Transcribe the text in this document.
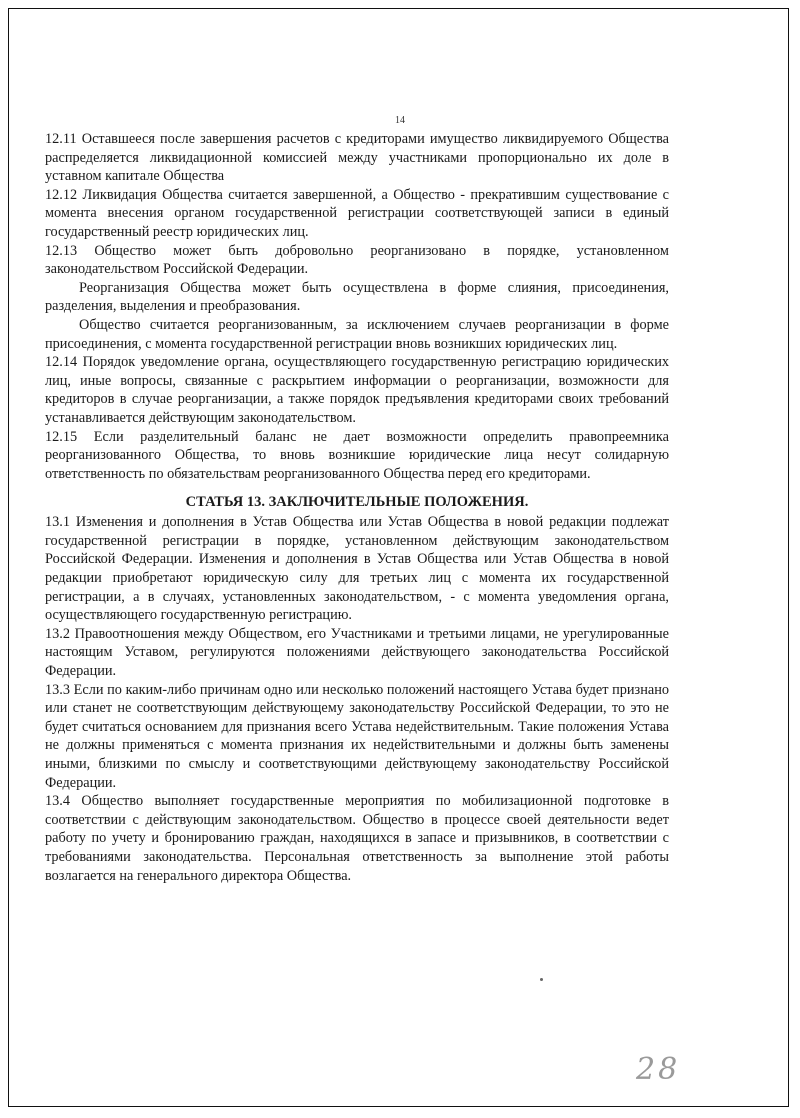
14

12.11 Оставшееся после завершения расчетов с кредиторами имущество ликвидируемого Общества распределяется ликвидационной комиссией между участниками пропорционально их доле в уставном капитале Общества

12.12 Ликвидация Общества считается завершенной, а Общество - прекратившим существование с момента внесения органом государственной регистрации соответствующей записи в единый государственный реестр юридических лиц.

12.13 Общество может быть добровольно реорганизовано в порядке, установленном законодательством Российской Федерации.

Реорганизация Общества может быть осуществлена в форме слияния, присоединения, разделения, выделения и преобразования.

Общество считается реорганизованным, за исключением случаев реорганизации в форме присоединения, с момента государственной регистрации вновь возникших юридических лиц.

12.14 Порядок уведомление органа, осуществляющего государственную регистрацию юридических лиц, иные вопросы, связанные с раскрытием информации о реорганизации, возможности для кредиторов в случае реорганизации, а также порядок предъявления кредиторами своих требований устанавливается действующим законодательством.

12.15 Если разделительный баланс не дает возможности определить правопреемника реорганизованного Общества, то вновь возникшие юридические лица несут солидарную ответственность по обязательствам реорганизованного Общества перед его кредиторами.

СТАТЬЯ 13. ЗАКЛЮЧИТЕЛЬНЫЕ ПОЛОЖЕНИЯ.

13.1 Изменения и дополнения в Устав Общества или Устав Общества в новой редакции подлежат государственной регистрации в порядке, установленном действующим законодательством Российской Федерации. Изменения и дополнения в Устав Общества или Устав Общества в новой редакции приобретают юридическую силу для третьих лиц с момента их государственной регистрации, а в случаях, установленных законодательством, - с момента уведомления органа, осуществляющего государственную регистрацию.

13.2 Правоотношения между Обществом, его Участниками и третьими лицами, не урегулированные настоящим Уставом, регулируются положениями действующего законодательства Российской Федерации.

13.3 Если по каким-либо причинам одно или несколько положений настоящего Устава будет признано или станет не соответствующим действующему законодательству Российской Федерации, то это не будет считаться основанием для признания всего Устава недействительным. Такие положения Устава не должны применяться с момента признания их недействительными и должны быть заменены иными, близкими по смыслу и соответствующими действующему законодательству Российской Федерации.

13.4 Общество выполняет государственные мероприятия по мобилизационной подготовке в соответствии с действующим законодательством. Общество в процессе своей деятельности ведет работу по учету и бронированию граждан, находящихся в запасе и призывников, в соответствии с требованиями законодательства. Персональная ответственность за выполнение этой работы возлагается на генерального директора Общества.

28
